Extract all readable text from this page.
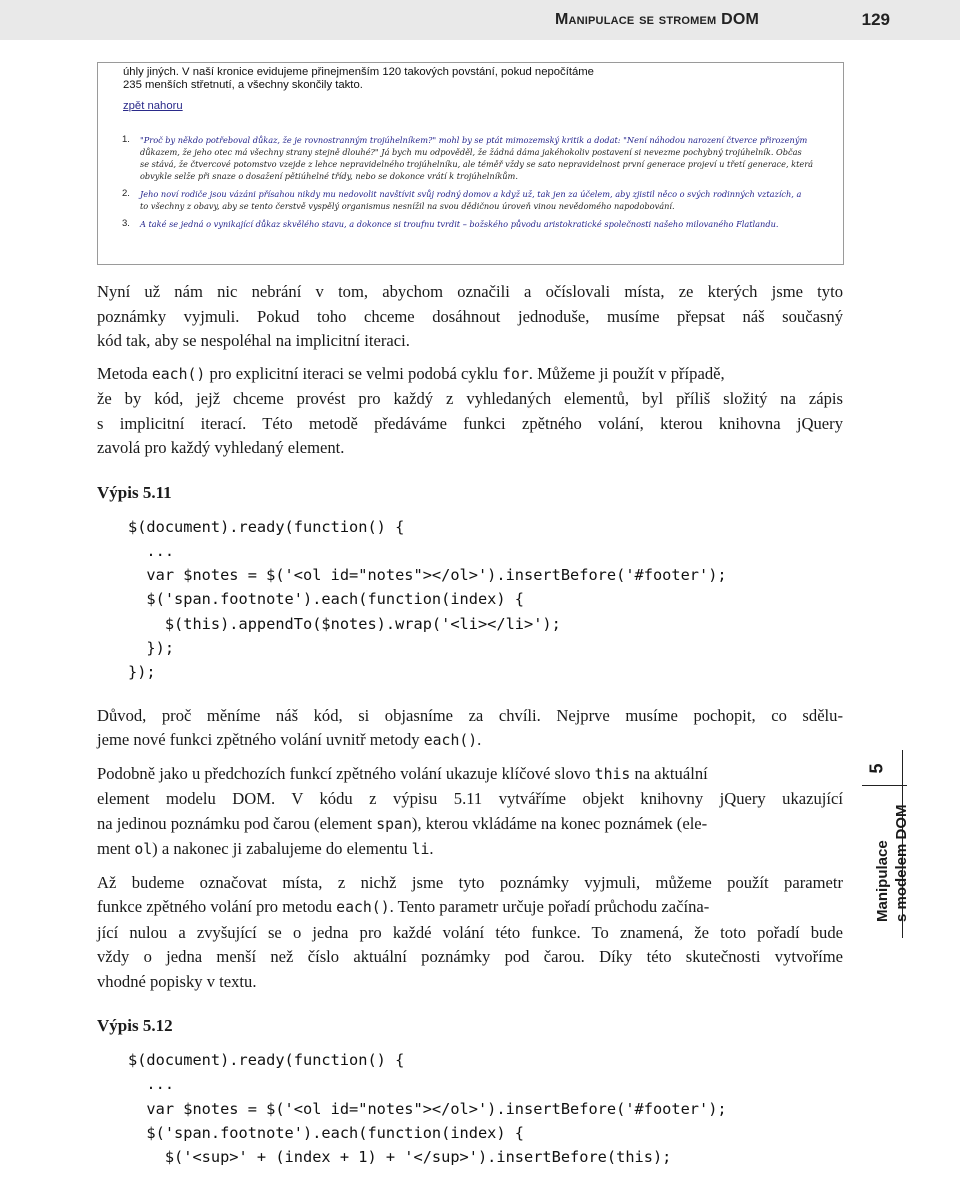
Manipulace se stromem DOM	129
úhly jiných. V naší kronice evidujeme přinejmenším 120 takových povstání, pokud nepočítáme
235 menších střetnutí, a všechny skončily takto.
zpět nahoru
1. "Proč by někdo potřeboval důkaz, že je rovnostranným trojúhelníkem?" mohl by se ptát mimozemský kritik a dodat: "Není náhodou narození čtverce přirozeným
důkazem, že jeho otec má všechny strany stejně dlouhé?" Já bych mu odpověděl, že žádná dáma jakéhokoliv postavení si nevezme pochybný trojúhelník. Občas
se stává, že čtvercové potomstvo vzejde z lehce nepravidelného trojúhelníku, ale téměř vždy se sato nepravidelnost první generace projeví u třetí generace, která
obvykle selže při snaze o dosažení pětiúhelné třídy, nebo se dokonce vrátí k trojúhelníkům.
2. Jeho noví rodiče jsou vázáni přísahou nikdy mu nedovolit navštívit svůj rodný domov a když už, tak jen za účelem, aby zjistil něco o svých rodinných vztazích, a
to všechny z obavy, aby se tento čerstvě vyspělý organismus nesnížil na svou dědičnou úroveň vinou nevědomého napodobování.
3. A také se jedná o vynikající důkaz skvělého stavu, a dokonce si troufnu tvrdit – božského původu aristokratické společnosti našeho milovaného Flatlandu.

Nyní už nám nic nebrání v tom, abychom označili a očíslovali místa, ze kterých jsme tyto
poznámky vyjmuli. Pokud toho chceme dosáhnout jednoduše, musíme přepsat náš současný
kód tak, aby se nespoléhal na implicitní iteraci.

Metoda each() pro explicitní iteraci se velmi podobá cyklu for. Můžeme ji použít v případě,
že by kód, jejž chceme provést pro každý z vyhledaných elementů, byl příliš složitý na zápis
s implicitní iterací. Této metodě předáváme funkci zpětného volání, kterou knihovna jQuery
zavolá pro každý vyhledaný element.

Výpis 5.11
$(document).ready(function() {
...
var $notes = $('<ol id="notes"></ol>').insertBefore('#footer');
$('span.footnote').each(function(index) {
$(this).appendTo($notes).wrap('<li></li>');
});
});

Důvod, proč měníme náš kód, si objasníme za chvíli. Nejprve musíme pochopit, co sdělu-
jeme nové funkci zpětného volání uvnitř metody each().

Podobně jako u předchozích funkcí zpětného volání ukazuje klíčové slovo this na aktuální
element modelu DOM. V kódu z výpisu 5.11 vytváříme objekt knihovny jQuery ukazující
na jedinou poznámku pod čarou (element span), kterou vkládáme na konec poznámek (ele-
ment ol) a nakonec ji zabalujeme do elementu li.

Až budeme označovat místa, z nichž jsme tyto poznámky vyjmuli, můžeme použít parametr
funkce zpětného volání pro metodu each(). Tento parametr určuje pořadí průchodu začína-
jící nulou a zvyšující se o jedna pro každé volání této funkce. To znamená, že toto pořadí bude
vždy o jedna menší než číslo aktuální poznámky pod čarou. Díky této skutečnosti vytvoříme
vhodné popisky v textu.

Výpis 5.12
$(document).ready(function() {
...
var $notes = $('<ol id="notes"></ol>').insertBefore('#footer');
$('span.footnote').each(function(index) {
$('<sup>' + (index + 1) + '</sup>').insertBefore(this);
5
Manipulace s modelem DOM
